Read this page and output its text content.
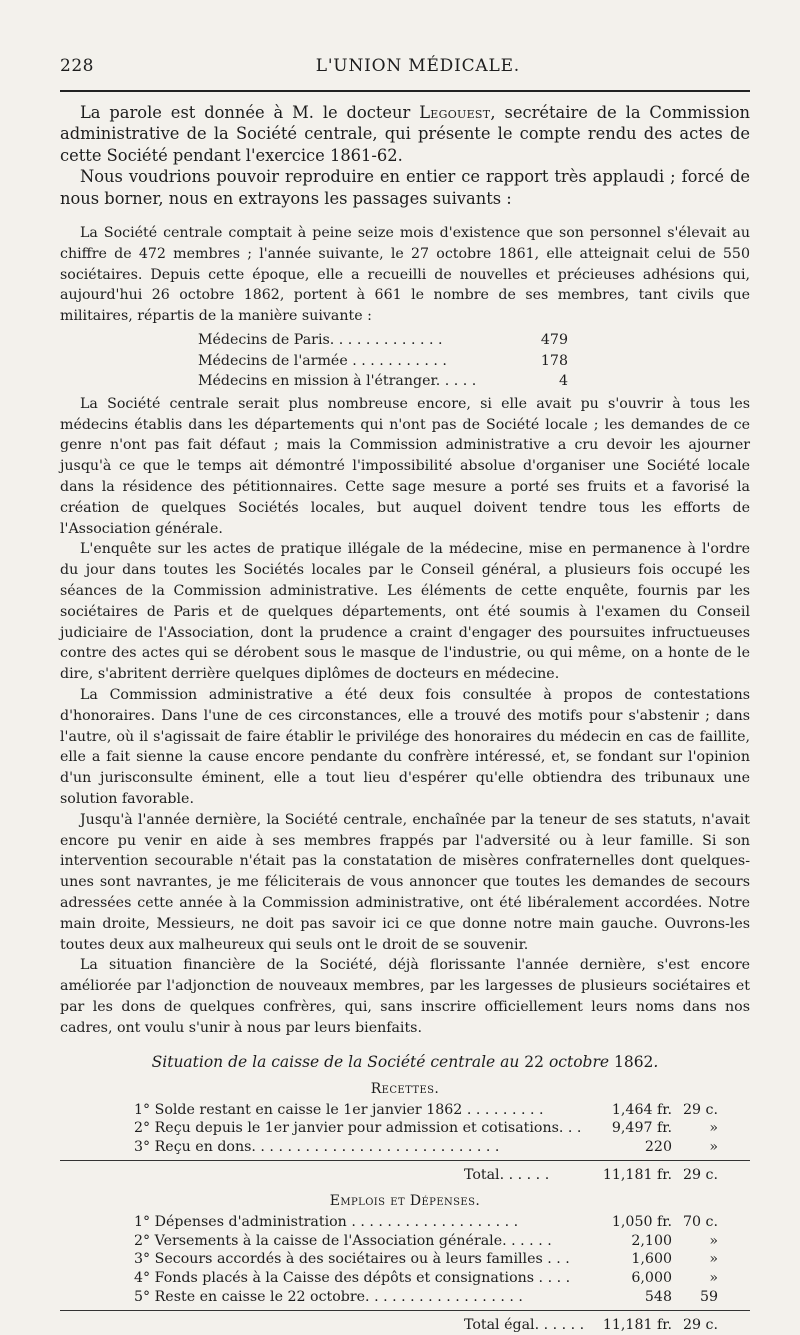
228	L'UNION MÉDICALE.

La parole est donnée à M. le docteur Legouest, secrétaire de la Commission administrative de la Société centrale, qui présente le compte rendu des actes de cette Société pendant l'exercice 1861-62.

Nous voudrions pouvoir reproduire en entier ce rapport très applaudi ; forcé de nous borner, nous en extrayons les passages suivants :

La Société centrale comptait à peine seize mois d'existence que son personnel s'élevait au chiffre de 472 membres ; l'année suivante, le 27 octobre 1861, elle atteignait celui de 550 sociétaires. Depuis cette époque, elle a recueilli de nouvelles et précieuses adhésions qui, aujourd'hui 26 octobre 1862, portent à 661 le nombre de ses membres, tant civils que militaires, répartis de la manière suivante :

Médecins de Paris. . . . . . . . . . . . .	479
Médecins de l'armée . . . . . . . . . . .	178
Médecins en mission à l'étranger. . . . .	4

La Société centrale serait plus nombreuse encore, si elle avait pu s'ouvrir à tous les médecins établis dans les départements qui n'ont pas de Société locale ; les demandes de ce genre n'ont pas fait défaut ; mais la Commission administrative a cru devoir les ajourner jusqu'à ce que le temps ait démontré l'impossibilité absolue d'organiser une Société locale dans la résidence des pétitionnaires. Cette sage mesure a porté ses fruits et a favorisé la création de quelques Sociétés locales, but auquel doivent tendre tous les efforts de l'Association générale.

L'enquête sur les actes de pratique illégale de la médecine, mise en permanence à l'ordre du jour dans toutes les Sociétés locales par le Conseil général, a plusieurs fois occupé les séances de la Commission administrative. Les éléments de cette enquête, fournis par les sociétaires de Paris et de quelques départements, ont été soumis à l'examen du Conseil judiciaire de l'Association, dont la prudence a craint d'engager des poursuites infructueuses contre des actes qui se dérobent sous le masque de l'industrie, ou qui même, on a honte de le dire, s'abritent derrière quelques diplômes de docteurs en médecine.

La Commission administrative a été deux fois consultée à propos de contestations d'honoraires. Dans l'une de ces circonstances, elle a trouvé des motifs pour s'abstenir ; dans l'autre, où il s'agissait de faire établir le privilége des honoraires du médecin en cas de faillite, elle a fait sienne la cause encore pendante du confrère intéressé, et, se fondant sur l'opinion d'un jurisconsulte éminent, elle a tout lieu d'espérer qu'elle obtiendra des tribunaux une solution favorable.

Jusqu'à l'année dernière, la Société centrale, enchaînée par la teneur de ses statuts, n'avait encore pu venir en aide à ses membres frappés par l'adversité ou à leur famille. Si son intervention secourable n'était pas la constatation de misères confraternelles dont quelques-unes sont navrantes, je me féliciterais de vous annoncer que toutes les demandes de secours adressées cette année à la Commission administrative, ont été libéralement accordées. Notre main droite, Messieurs, ne doit pas savoir ici ce que donne notre main gauche. Ouvrons-les toutes deux aux malheureux qui seuls ont le droit de se souvenir.

La situation financière de la Société, déjà florissante l'année dernière, s'est encore améliorée par l'adjonction de nouveaux membres, par les largesses de plusieurs sociétaires et par les dons de quelques confrères, qui, sans inscrire officiellement leurs noms dans nos cadres, ont voulu s'unir à nous par leurs bienfaits.

Situation de la caisse de la Société centrale au 22 octobre 1862.
Recettes.
1° Solde restant en caisse le 1er janvier 1862 . . . . . . . . .	1,464 fr. 29 c.
2° Reçu depuis le 1er janvier pour admission et cotisations. . .	9,497 fr.	»
3° Reçu en dons. . . . . . . . . . . . . . . . . . . . . . . . . . . .	220	»
Total. . . . . .	11,181 fr. 29 c.
Emplois et Dépenses.
1° Dépenses d'administration . . . . . . . . . . . . . . . . . . .	1,050 fr. 70 c.
2° Versements à la caisse de l'Association générale. . . . . .	2,100	»
3° Secours accordés à des sociétaires ou à leurs familles . . .	1,600	»
4° Fonds placés à la Caisse des dépôts et consignations . . . .	6,000	»
5° Reste en caisse le 22 octobre. . . . . . . . . . . . . . . . . .	548	59
Total égal. . . . . .	11,181 fr. 29 c.
